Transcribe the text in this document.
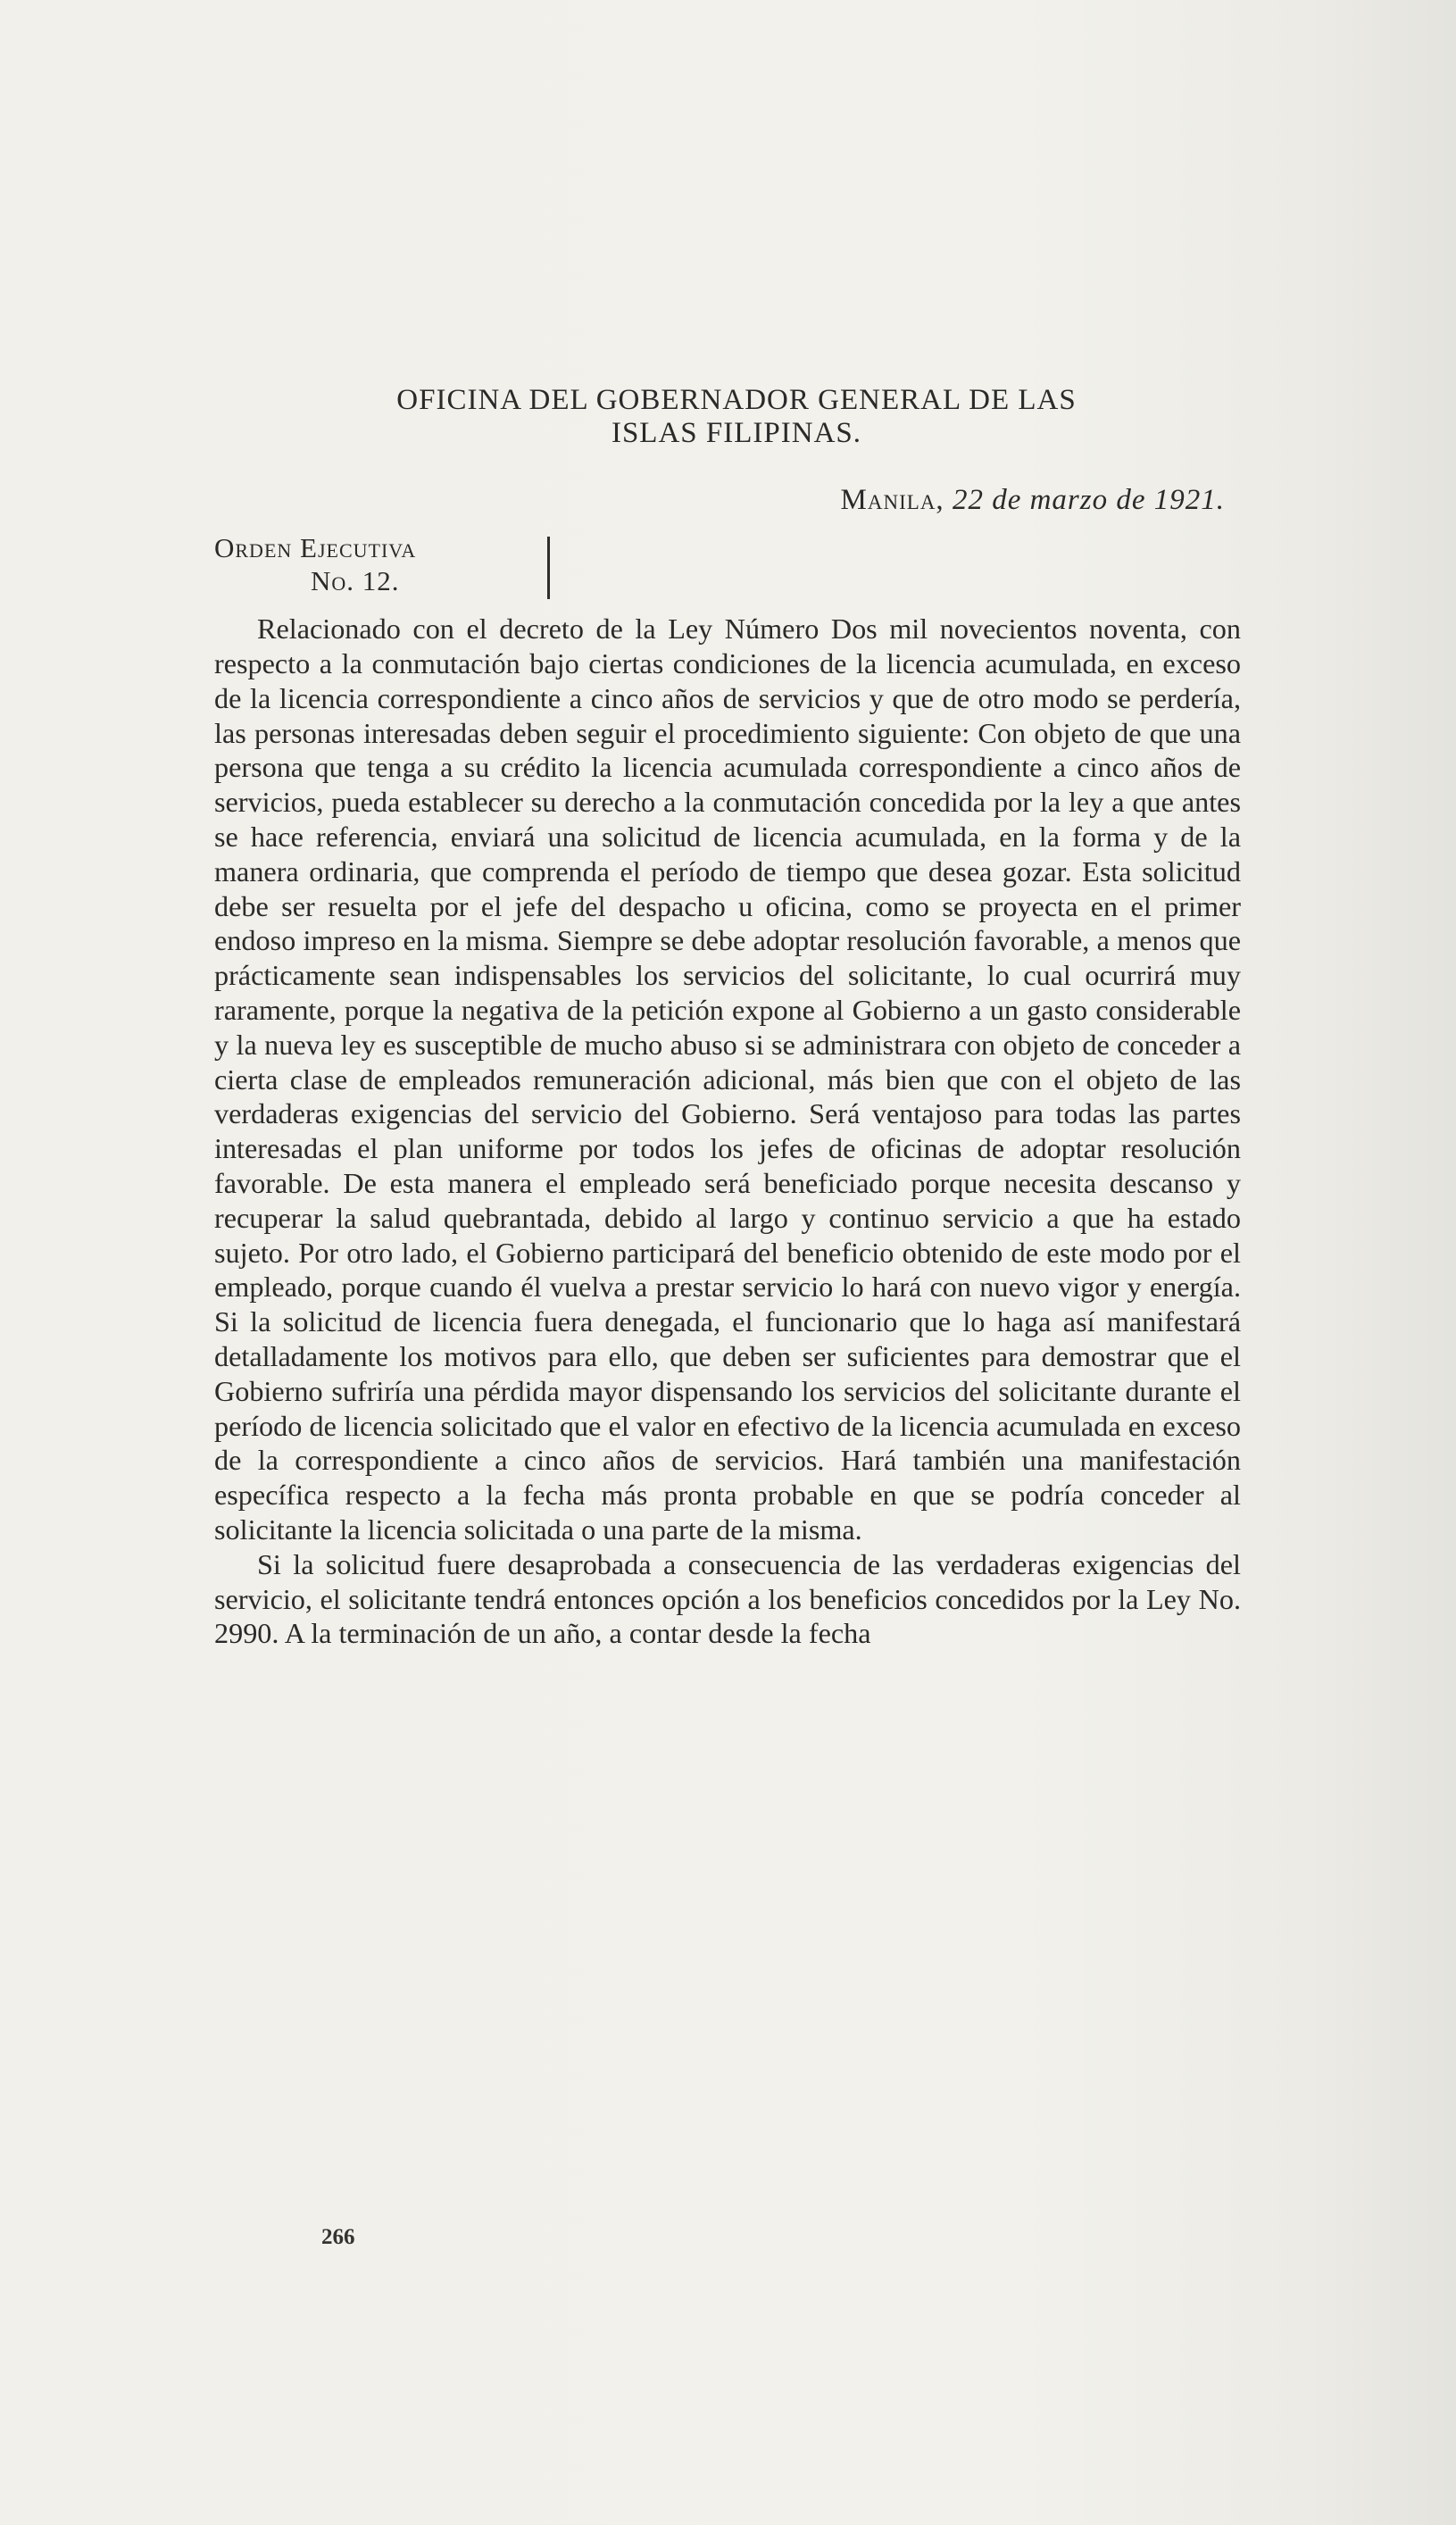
OFICINA DEL GOBERNADOR GENERAL DE LAS
ISLAS FILIPINAS.
Manila, 22 de marzo de 1921.
Orden Ejecutiva
No. 12.

Relacionado con el decreto de la Ley Número Dos mil novecientos noventa, con respecto a la conmutación bajo ciertas condiciones de la licencia acumulada, en exceso de la licencia correspondiente a cinco años de servicios y que de otro modo se perdería, las personas interesadas deben seguir el procedimiento siguiente: Con objeto de que una persona que tenga a su crédito la licencia acumulada correspondiente a cinco años de servicios, pueda establecer su derecho a la conmutación concedida por la ley a que antes se hace referencia, enviará una solicitud de licencia acumulada, en la forma y de la manera ordinaria, que comprenda el período de tiempo que desea gozar. Esta solicitud debe ser resuelta por el jefe del despacho u oficina, como se proyecta en el primer endoso impreso en la misma. Siempre se debe adoptar resolución favorable, a menos que prácticamente sean indispensables los servicios del solicitante, lo cual ocurrirá muy raramente, porque la negativa de la petición expone al Gobierno a un gasto considerable y la nueva ley es susceptible de mucho abuso si se administrara con objeto de conceder a cierta clase de empleados remuneración adicional, más bien que con el objeto de las verdaderas exigencias del servicio del Gobierno. Será ventajoso para todas las partes interesadas el plan uniforme por todos los jefes de oficinas de adoptar resolución favorable. De esta manera el empleado será beneficiado porque necesita descanso y recuperar la salud quebrantada, debido al largo y continuo servicio a que ha estado sujeto. Por otro lado, el Gobierno participará del beneficio obtenido de este modo por el empleado, porque cuando él vuelva a prestar servicio lo hará con nuevo vigor y energía. Si la solicitud de licencia fuera denegada, el funcionario que lo haga así manifestará detalladamente los motivos para ello, que deben ser suficientes para demostrar que el Gobierno sufriría una pérdida mayor dispensando los servicios del solicitante durante el período de licencia solicitado que el valor en efectivo de la licencia acumulada en exceso de la correspondiente a cinco años de servicios. Hará también una manifestación específica respecto a la fecha más pronta probable en que se podría conceder al solicitante la licencia solicitada o una parte de la misma.

Si la solicitud fuere desaprobada a consecuencia de las verdaderas exigencias del servicio, el solicitante tendrá entonces opción a los beneficios concedidos por la Ley No. 2990. A la terminación de un año, a contar desde la fecha

266
